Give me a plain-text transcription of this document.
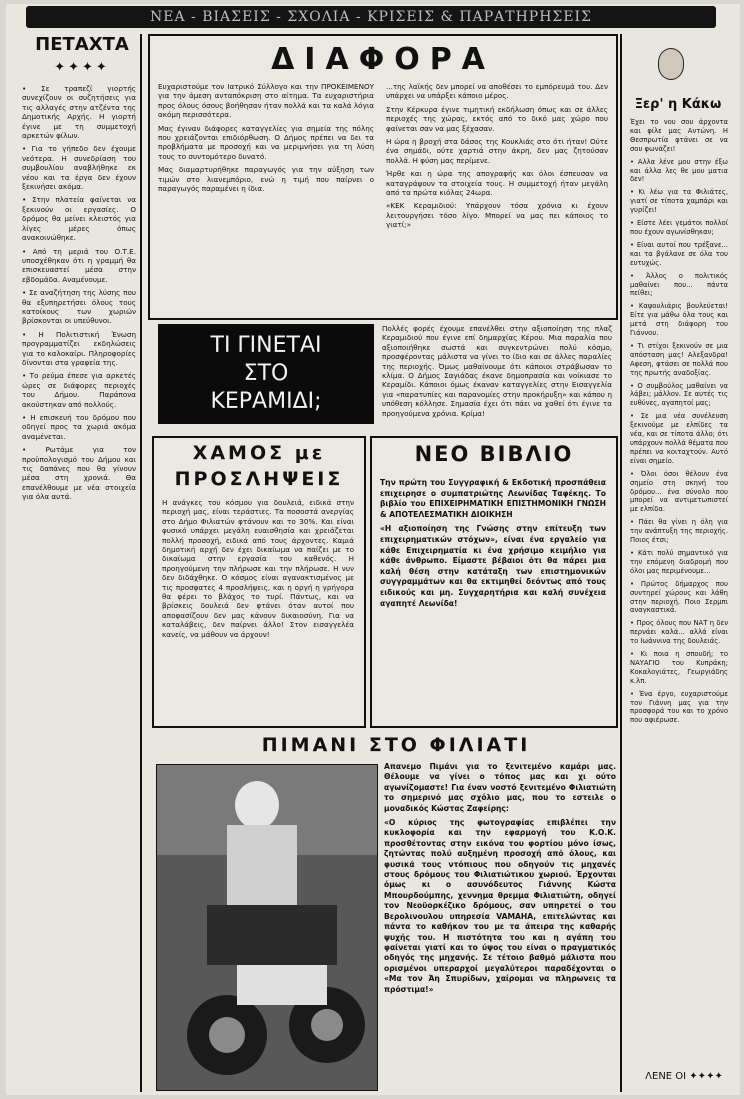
ΝΕΑ - ΒΙΑΣΕΙΣ - ΣΧΟΛΙΑ - ΚΡΙΣΕΙΣ & ΠΑΡΑΤΗΡΗΣΕΙΣ
ΠΕΤΑΧΤΑ
✦✦✦✦

• Σε τραπεζί γιορτής συνεχίζουν οι συζητήσεις για τις αλλαγές στην ατζέντα της Δημοτικής Αρχής. Η γιορτή έγινε με τη συμμετοχή αρκετών φίλων.

• Για το γήπεδο δεν έχουμε νεότερα. Η συνεδρίαση του συμβουλίου αναβλήθηκε εκ νέου και τα έργα δεν έχουν ξεκινήσει ακόμα.

• Στην πλατεία φαίνεται να ξεκινούν οι εργασίες. Ο δρόμος θα μείνει κλειστός για λίγες μέρες όπως ανακοινώθηκε.

• Από τη μεριά του Ο.Τ.Ε. υποσχέθηκαν ότι η γραμμή θα επισκευαστεί μέσα στην εβδομάδα. Αναμένουμε.

• Σε αναζήτηση της λύσης που θα εξυπηρετήσει όλους τους κατοίκους των χωριών βρίσκονται οι υπεύθυνοι.

• Η Πολιτιστική Ένωση προγραμματίζει εκδηλώσεις για το καλοκαίρι. Πληροφορίες δίνονται στα γραφεία της.

• Το ρεύμα έπεσε για αρκετές ώρες σε διάφορες περιοχές του Δήμου. Παράπονα ακούστηκαν από πολλούς.

• Η επισκευή του δρόμου που οδηγεί προς τα χωριά ακόμα αναμένεται.

• Ρωτάμε για τον προϋπολογισμό του Δήμου και τις δαπάνες που θα γίνουν μέσα στη χρονιά. Θα επανέλθουμε με νέα στοιχεία για όλα αυτά.

ΔΙΑΦΟΡΑ

Ευχαριστούμε τον Ιατρικό Σύλλογο και την ΠΡΟΚΕΙΜΕΝΟΥ για την άμεση ανταπόκριση στο αίτημα. Τα ευχαριστήρια προς όλους όσους βοήθησαν ήταν πολλά και τα καλά λόγια ακόμη περισσότερα.

Μας έγιναν διάφορες καταγγελίες για σημεία της πόλης που χρειάζονται επιδιόρθωση. Ο Δήμος πρέπει να δει τα προβλήματα με προσοχή και να μεριμνήσει για τη λύση τους το συντομότερο δυνατό.

Μας διαμαρτυρήθηκε παραγωγός για την αύξηση των τιμών στο λιανεμπόριο, ενώ η τιμή που παίρνει ο παραγωγός παραμένει η ίδια.

...της λαϊκής δεν μπορεί να αποθέσει το εμπόρευμά του. Δεν υπάρχει να υπάρξει κάποιο μέρος.

Στην Κέρκυρα έγινε τιμητική εκδήλωση όπως και σε άλλες περιοχές της χώρας, εκτός από το δικό μας χώρο που φαίνεται σαν να μας ξέχασαν.

Η ώρα η βροχή στα δάσος της Κουκλιάς στο ότι ήταν! Ούτε ένα σημάδι, ούτε χαρτιά στην άκρη, δεν μας ζητούσαν πολλά. Η φύση μας περίμενε.

Ήρθε και η ώρα της απογραφής και όλοι έσπευσαν να καταγράψουν τα στοιχεία τους. Η συμμετοχή ήταν μεγάλη από τα πρώτα κιόλας 24ωρα.

«ΚΕΚ Κεραμιδιού: Υπάρχουν τόσα χρόνια κι έχουν λειτουργήσει τόσο λίγο. Μπορεί να μας πει κάποιος το γιατί;»

ΤΙ ΓΙΝΕΤΑΙ
ΣΤΟ
ΚΕΡΑΜΙΔΙ;
Πολλές φορές έχουμε επανέλθει στην αξιοποίηση της πλαζ Κεραμιδιού που έγινε επί δημαρχίας Κέρου. Μια παραλία που αξιοποιήθηκε σωστά και συγκεντρώνει πολύ κόσμο, προσφέροντας μάλιστα να γίνει το ίδιο και σε άλλες παραλίες της περιοχής. Όμως μαθαίνουμε ότι κάποιοι στράβωσαν το κλίμα. Ο Δήμος Σαγιάδας έκανε δημοπρασία και νοίκιασε το Κεραμίδι. Κάποιοι όμως έκαναν καταγγελίες στην Εισαγγελία για «παρατυπίες και παρανομίες στην προκήρυξη» και κάπου η υπόθεση κόλλησε. Σημασία έχει ότι πάει να χαθεί ότι έγινε τα προηγούμενα χρόνια. Κρίμα!
ΧΑΜΟΣ με
ΠΡΟΣΛΗΨΕΙΣ
Η ανάγκες του κόσμου για δουλειά, ειδικά στην περιοχή μας, είναι τεράστιες. Τα ποσοστά ανεργίας στο Δήμο Φιλιατών φτάνουν και το 30%. Και είναι φυσικό υπάρχει μεγάλη ευαισθησία και χρειάζεται πολλή προσοχή, ειδικά από τους άρχοντες. Καμιά δημοτική αρχή δεν έχει δικαίωμα να παίζει με το δικαίωμα στην εργασία του καθενός. Η προηγούμενη την πλήρωσε και την πλήρωσε. Η νυν δεν διδάχθηκε. Ο κόσμος είναι αγανακτισμένος με τις προσφατες 4 προσλήψεις, και η οργή η γρήγορα θα φέρει το βλάχος το τυρί. Πάντως, και να βρίσκεις δουλειά δεν φτάνει όταν αυτοί που αποφασίζουν δεν μας κάνουν δικαιοσύνη. Για να καταλάβεις, δεν παίρνει άλλο! Στον εισαγγελέα κανείς, να μάθουν να άρχουν!
ΝΕΟ ΒΙΒΛΙΟ

Την πρώτη του Συγγραφική & Εκδοτική προσπάθεια επιχειρησε ο συμπατριώτης Λεωνίδας Ταφέκης. Το βιβλίο του ΕΠΙΧΕΙΡΗΜΑΤΙΚΗ ΕΠΙΣΤΗΜΟΝΙΚΗ ΓΝΩΣΗ & ΑΠΟΤΕΛΕΣΜΑΤΙΚΗ ΔΙΟΙΚΗΣΗ

«Η αξιοποίηση της Γνώσης στην επίτευξη των επιχειρηματικών στόχων», είναι ένα εργαλείο για κάθε Επιχειρηματία κι ένα χρήσιμο κειμήλιο για κάθε άνθρωπο. Είμαστε βέβαιοι ότι θα πάρει μια καλή θέση στην κατάταξη των επιστημονικών συγγραμμάτων και θα εκτιμηθεί δεόντως από τους ειδικούς και μη. Συγχαρητήρια και καλή συνέχεια αγαπητέ Λεωνίδα!

ΠΙΜΑΝΙ ΣΤΟ ΦΙΛΙΑΤΙ

Απανεμο Πιμάνι για το ξενιτεμένο καμάρι μας. Θέλουμε να γίνει ο τόπος μας και χι ούτο αγωνίζομαστε! Για έναν νοστό ξενιτεμένο Φιλιατιώτη το σημερινό μας σχόλιο μας, που το εστειλε ο μοναδικός Κώστας Ζαφείρης:

«Ο κύριος της φωτογραφίας επιβλέπει την κυκλοφορία και την εφαρμογή του Κ.Ο.Κ. προσθέτοντας στην εικόνα του φορτίου μόνο ίσως, ζητώντας πολύ αυξημένη προσοχή από όλους, και φυσικά τους ντόπιους που οδηγούν τις μηχανές στους δρόμους του Φιλιατιώτικου χωριού. Έρχονται όμως κι ο ασυνόδευτος Γιάννης Κώστα Μπουρδούμπης, χεννημα θρεμμα Φιλιατιώτη, οδηγεί τον Νεοϋορκέζικο δρόμους, σαν υπηρετεί ο του Βερολινουλου υπηρεσία VAMAHA, επιτελώντας και πάντα το καθήκον του με τα άπειρα της καθαρής ψυχής του. Η πιστότητα του και η αγάπη του φαίνεται γιατί και το ύψος του είναι ο πραγματικός οδηγός της μηχανής. Σε τέτοιο βαθμό μάλιστα που ορισμένοι υπεραρχοί μεγαλύτεροι παραδέχονται ο «Μα τον Άη Σπυρίδων, χαίρομαι να πληρωνεις τα πρόστιμα!»

Ξερ' η Κάκω

Έχει το νου σου άρχοντα και φίλε μας Αντώνη. Η Θεσπρωτία φτάνει σε να σου φωνάζει!

• Αλλα λένε μου στην έξω και άλλα λες θε μου ματια δεν!

• Κι λέω για τα Φιλιάτες, γιατί σε τίποτα χαμπάρι και γυρίζει!

• Είστε λέει γεμάτοι πολλοί που έχουν αγωνίσθηκαν;

• Είναι αυτοί που τρέξανε... και τα βγάλανε σε όλα του ευτυχώς.

• Άλλος ο πολιτικός μαθαίνει που... πάντα πείθει;

• Καψουλιάρις βουλεύεται! Είτε για μάθω όλα τους και μετά στη διάφορη του Γιάννου.

• Τι στίχοι ξεκινούν σε μια απόσταση μας! Αλεξανδρα! Αφεση, φτάσει σε πολλά που της πρωτής αναδοξίας.

• Ο συμβούλος μαθαίνει να λάβει; μάλλον. Σε αυτές τις ευθύνες, αγαπητοί μας;

• Σε μια νέα συνέλευση ξεκινούμε με ελπίδες τα νέα, και σε τίποτα άλλο; ότι υπάρχουν πολλά θέματα που πρέπει να κοιταχτούν. Αυτό είναι σημείο.

• Όλοι όσοι θέλουν ένα σημείο στη σκηνή του δρόμου... ένα σύνολο που μπορεί να αντιμετωπιστεί με ελπίδα.

• Πάει θα γίνει η όλη για την ανάπτυξη της περιοχής. Ποιος έτσι;

• Κάτι πολύ σημαντικό για την επόμενη διαδρομή που όλοι μας περιμένουμε...

• Πρώτος δήμαρχος που συντηρεί χώρους και λάθη στην περιοχή. Ποιο Σερμπι αναγκαστικά.

• Προς όλους που ΝΑΤ η δεν περνάει καλά... αλλά είναι το Ιωάννινα της δουλειάς.

• Κι ποια η σπουδή; το ΝΑΥΑΓΙΟ του Κυπράκη; Κοκαλογιάτες, Γεωργιάδης κ.λπ.

• Ένα έργο, ευχαριστούμε τον Γιάννη μας για την προσφορά του και το χρόνο που αφιέρωσε.

ΛΕΝΕ ΟΙ ✦✦✦✦
